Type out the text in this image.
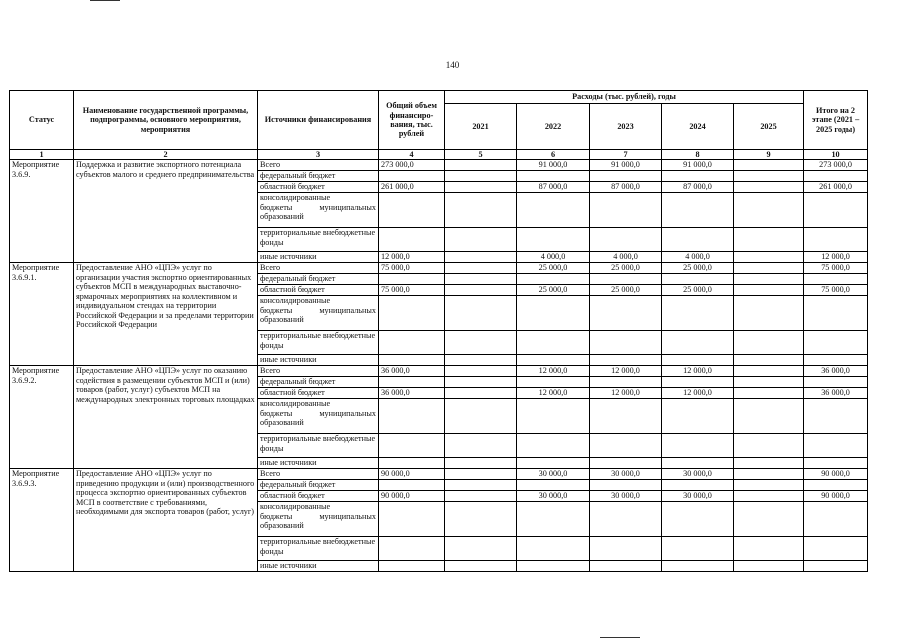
140
Статус	Наименование государственной программы, подпрограммы, основного мероприятия, мероприятия	Источники финансирования	Общий объем финансиро-вания, тыс. рублей	Расходы (тыс. рублей), годы					Итого на 2 этапе (2021 – 2025 годы)
				2021	2022	2023	2024	2025	
1	2	3	4	5	6	7	8	9	10
Мероприятие 3.6.9.	Поддержка и развитие экспортного потенциала субъектов малого и среднего предпринимательства	Всего	273 000,0		91 000,0	91 000,0	91 000,0		273 000,0
		федеральный бюджет							
		областной бюджет	261 000,0		87 000,0	87 000,0	87 000,0		261 000,0

		консолидированные
бюджеты муниципальных
образований							

		территориальные внебюджетные фонды							
		иные источники	12 000,0		4 000,0	4 000,0	4 000,0		12 000,0
Мероприятие 3.6.9.1.	Предоставление АНО «ЦПЭ» услуг по организации участия экспортно ориентированных субъектов МСП в международных выставочно-ярмарочных мероприятиях на коллективном и индивидуальном стендах на территории Российской Федерации и за пределами территории Российской Федерации	Всего	75 000,0		25 000,0	25 000,0	25 000,0		75 000,0
		федеральный бюджет							
		областной бюджет	75 000,0		25 000,0	25 000,0	25 000,0		75 000,0

		консолидированные
бюджеты муниципальных
образований							

		территориальные внебюджетные фонды							
		иные источники							
Мероприятие 3.6.9.2.	Предоставление АНО «ЦПЭ» услуг по оказанию содействия в размещении субъектов МСП и (или) товаров (работ, услуг) субъектов МСП на международных электронных торговых площадках	Всего	36 000,0		12 000,0	12 000,0	12 000,0		36 000,0
		федеральный бюджет							
		областной бюджет	36 000,0		12 000,0	12 000,0	12 000,0		36 000,0

		консолидированные
бюджеты муниципальных
образований							

		территориальные внебюджетные фонды							
		иные источники							
Мероприятие 3.6.9.3.	Предоставление АНО «ЦПЭ» услуг по приведению продукции и (или) производственного процесса экспортно ориентированных субъектов МСП в соответствие с требованиями, необходимыми для экспорта товаров (работ, услуг)	Всего	90 000,0		30 000,0	30 000,0	30 000,0		90 000,0
		федеральный бюджет							
		областной бюджет	90 000,0		30 000,0	30 000,0	30 000,0		90 000,0

		консолидированные
бюджеты муниципальных
образований							

		территориальные внебюджетные фонды							
		иные источники							
